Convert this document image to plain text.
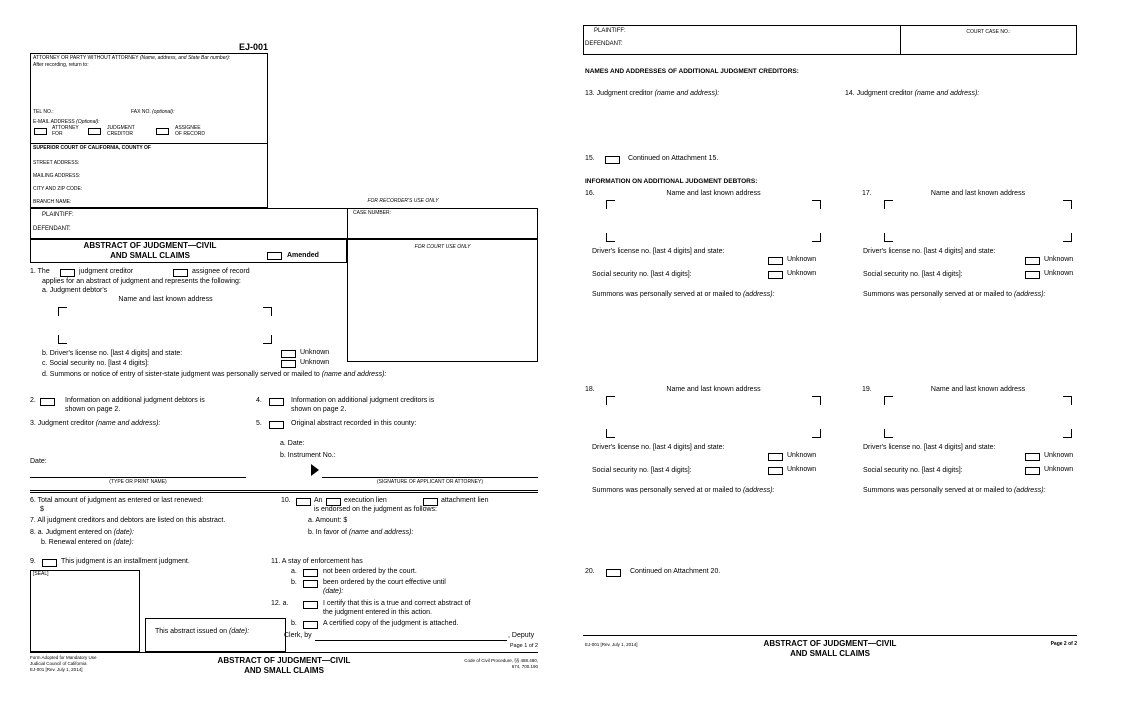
EJ-001
ATTORNEY OR PARTY WITHOUT ATTORNEY (Name, address, and State Bar number):
After recording, return to:
TEL NO.:	FAX NO. (optional):
E-MAIL ADDRESS (Optional):
ATTORNEY
FOR
JUDGMENT
CREDITOR
ASSIGNEE
OF RECORD
SUPERIOR COURT OF CALIFORNIA, COUNTY OF
STREET ADDRESS:
MAILING ADDRESS:
CITY AND ZIP CODE:
BRANCH NAME:	FOR RECORDER'S USE ONLY
PLAINTIFF:
DEFENDANT:
CASE NUMBER:
ABSTRACT OF JUDGMENT—CIVIL
AND SMALL CLAIMS	Amended
FOR COURT USE ONLY
1. The	judgment creditor	assignee of record
applies for an abstract of judgment and represents the following:
a. Judgment debtor's
Name and last known address
b. Driver's license no. [last 4 digits] and state:	Unknown
c. Social security no. [last 4 digits]:	Unknown
d. Summons or notice of entry of sister-state judgment was personally served or mailed to (name and address):
2.	Information on additional judgment debtors is
shown on page 2.
3. Judgment creditor (name and address):
4.	Information on additional judgment creditors is
shown on page 2.
5.	Original abstract recorded in this county:
a. Date:
b. Instrument No.:
Date:
(TYPE OR PRINT NAME)	(SIGNATURE OF APPLICANT OR ATTORNEY)
6. Total amount of judgment as entered or last renewed:
$
7. All judgment creditors and debtors are listed on this abstract.
8. a. Judgment entered on (date):
b. Renewal entered on (date):
9.	This judgment is an installment judgment.
[SEAL]
This abstract issued on (date):
10.	An	execution lien	attachment lien
is endorsed on the judgment as follows:
a. Amount: $
b. In favor of (name and address):
11. A stay of enforcement has
a.	not been ordered by the court.
b.	been ordered by the court effective until
(date):
12. a.	I certify that this is a true and correct abstract of
the judgment entered in this action.
b.	A certified copy of the judgment is attached.
Clerk, by	, Deputy
Page 1 of 2
Form Adopted for Mandatory Use
Judicial Council of California
EJ-001 [Rev. July 1, 2014]
ABSTRACT OF JUDGMENT—CIVIL
AND SMALL CLAIMS
Code of Civil Procedure, §§ 488.480,
674, 700.190
PLAINTIFF:
DEFENDANT:
COURT CASE NO.:
NAMES AND ADDRESSES OF ADDITIONAL JUDGMENT CREDITORS:
13. Judgment creditor (name and address):	14. Judgment creditor (name and address):
15.	Continued on Attachment 15.
INFORMATION ON ADDITIONAL JUDGMENT DEBTORS:
16.	Name and last known address
Driver's license no. [last 4 digits] and state:
Unknown
Social security no. [last 4 digits]:	Unknown
Summons was personally served at or mailed to (address):
17.	Name and last known address
Driver's license no. [last 4 digits] and state:
Unknown
Social security no. [last 4 digits]:	Unknown
Summons was personally served at or mailed to (address):
18.	Name and last known address
Driver's license no. [last 4 digits] and state:
Unknown
Social security no. [last 4 digits]:	Unknown
Summons was personally served at or mailed to (address):
19.	Name and last known address
Driver's license no. [last 4 digits] and state:
Unknown
Social security no. [last 4 digits]:	Unknown
Summons was personally served at or mailed to (address):
20.	Continued on Attachment 20.
EJ-001 [Rev. July 1, 2014]	ABSTRACT OF JUDGMENT—CIVIL
AND SMALL CLAIMS
Page 2 of 2
